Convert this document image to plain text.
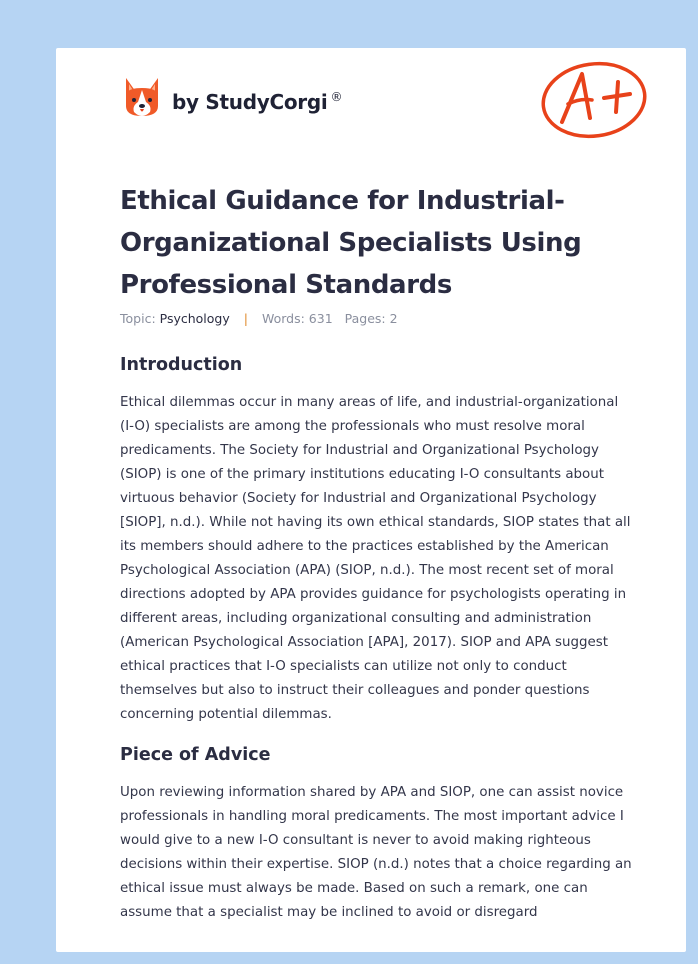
by StudyCorgi ®
Ethical Guidance for Industrial-Organizational Specialists Using Professional Standards
Topic: Psychology | Words: 631 Pages: 2
Introduction

Ethical dilemmas occur in many areas of life, and industrial-organizational (I-O) specialists are among the professionals who must resolve moral predicaments. The Society for Industrial and Organizational Psychology (SIOP) is one of the primary institutions educating I-O consultants about virtuous behavior (Society for Industrial and Organizational Psychology [SIOP], n.d.). While not having its own ethical standards, SIOP states that all its members should adhere to the practices established by the American Psychological Association (APA) (SIOP, n.d.). The most recent set of moral directions adopted by APA provides guidance for psychologists operating in different areas, including organizational consulting and administration (American Psychological Association [APA], 2017). SIOP and APA suggest ethical practices that I-O specialists can utilize not only to conduct themselves but also to instruct their colleagues and ponder questions concerning potential dilemmas.

Piece of Advice

Upon reviewing information shared by APA and SIOP, one can assist novice professionals in handling moral predicaments. The most important advice I would give to a new I-O consultant is never to avoid making righteous decisions within their expertise. SIOP (n.d.) notes that a choice regarding an ethical issue must always be made. Based on such a remark, one can assume that a specialist may be inclined to avoid or disregard
